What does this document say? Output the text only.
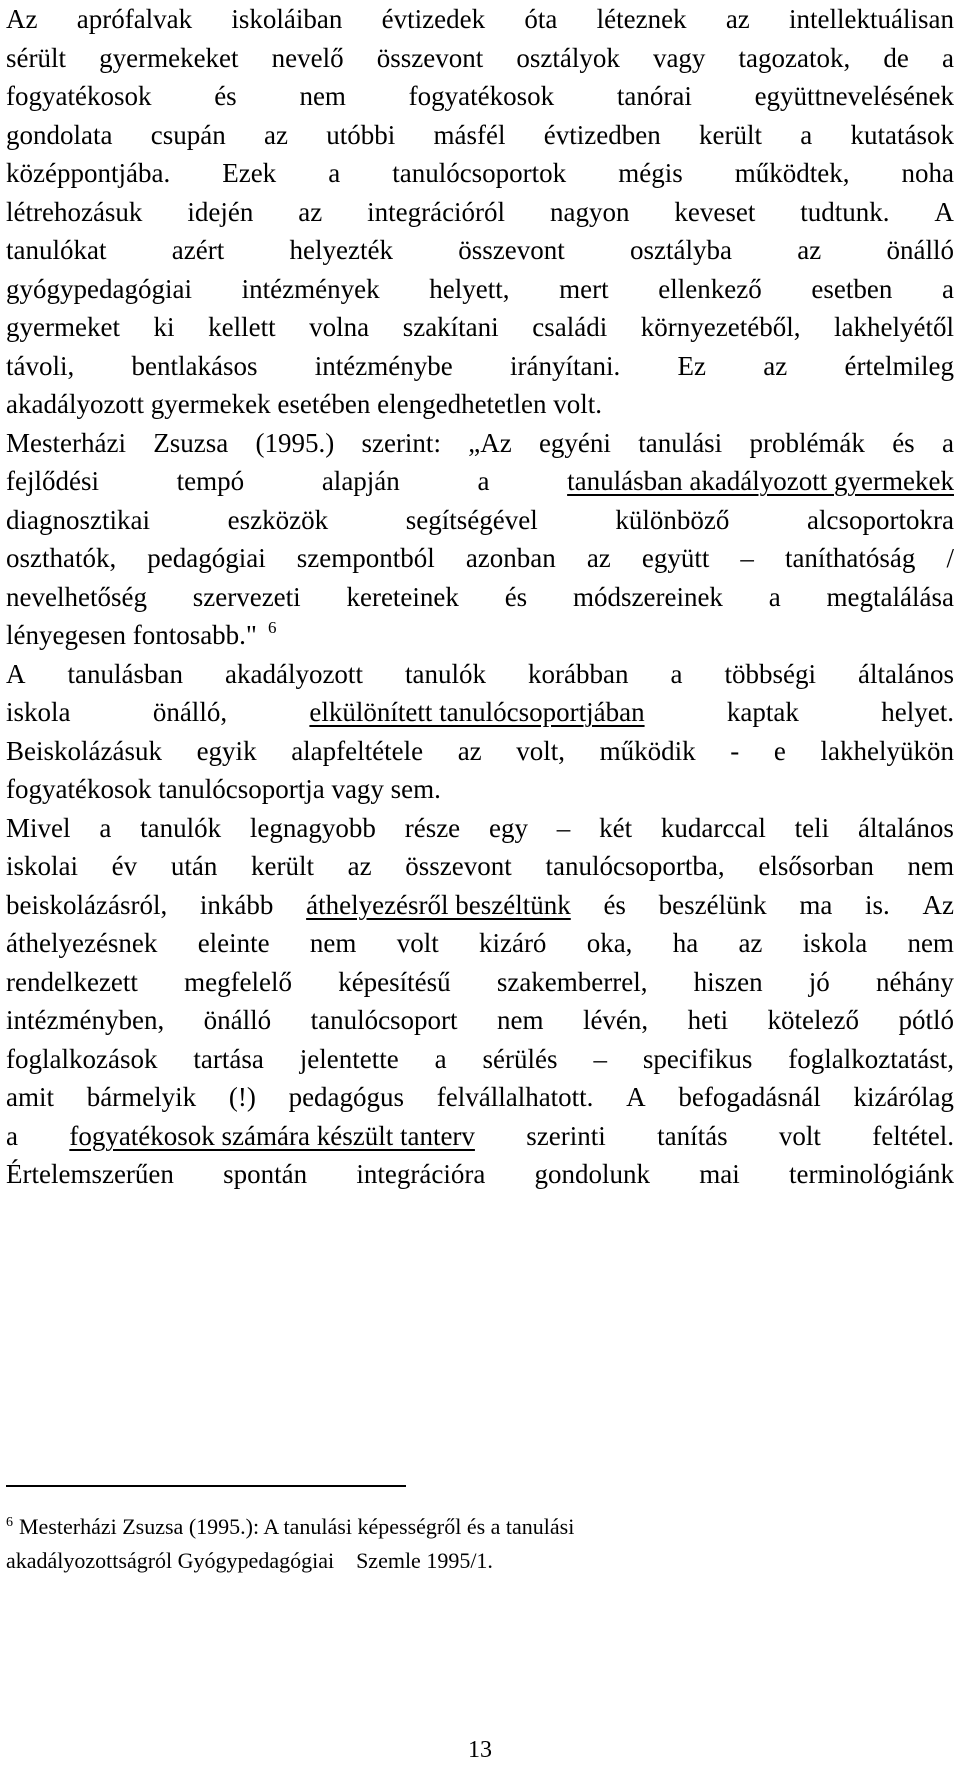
Az aprófalvak iskoláiban évtizedek óta léteznek az intellektuálisan
sérült gyermekeket nevelő összevont osztályok vagy tagozatok, de a
fogyatékosok és nem fogyatékosok tanórai együttnevelésének
gondolata csupán az utóbbi másfél évtizedben került a kutatások
középpontjába. Ezek a tanulócsoportok mégis működtek, noha
létrehozásuk idején az integrációról nagyon keveset tudtunk. A
tanulókat azért helyezték összevont osztályba az önálló
gyógypedagógiai intézmények helyett, mert ellenkező esetben a
gyermeket ki kellett volna szakítani családi környezetéből, lakhelyétől
távoli, bentlakásos intézménybe irányítani. Ez az értelmileg
akadályozott gyermekek esetében elengedhetetlen volt.
Mesterházi Zsuzsa (1995.) szerint: „Az egyéni tanulási problémák és a
fejlődési	tempó	alapján	a	tanulásban akadályozott gyermekek
diagnosztikai	eszközök	segítségével	különböző	alcsoportokra
oszthatók, pedagógiai szempontból azonban az együtt – taníthatóság /
nevelhetőség szervezeti kereteinek és módszereinek a megtalálása
lényegesen fontosabb." $^6$
A tanulásban akadályozott tanulók korábban a többségi általános
iskola	önálló,	elkülönített tanulócsoportjában	kaptak	helyet.
Beiskolázásuk egyik alapfeltétele az volt, működik - e lakhelyükön
fogyatékosok tanulócsoportja vagy sem.
Mivel a tanulók legnagyobb része egy – két kudarccal teli általános
iskolai év után került az összevont tanulócsoportba, elsősorban nem
beiskolázásról, inkább áthelyezésről beszéltünk és beszélünk ma is. Az
áthelyezésnek eleinte nem volt kizáró oka, ha az iskola nem
rendelkezett megfelelő képesítésű szakemberrel, hiszen jó néhány
intézményben, önálló tanulócsoport nem lévén, heti kötelező pótló
foglalkozások tartása jelentette a sérülés – specifikus foglalkoztatást,
amit bármelyik (!) pedagógus felvállalhatott. A befogadásnál kizárólag
a fogyatékosok számára készült tanterv szerinti tanítás volt feltétel.
Értelemszerűen spontán integrációra gondolunk mai terminológiánk
$^6$ Mesterházi Zsuzsa (1995.): A tanulási képességről és a tanulási
akadályozottságról Gyógypedagógiai    Szemle 1995/1.
13
